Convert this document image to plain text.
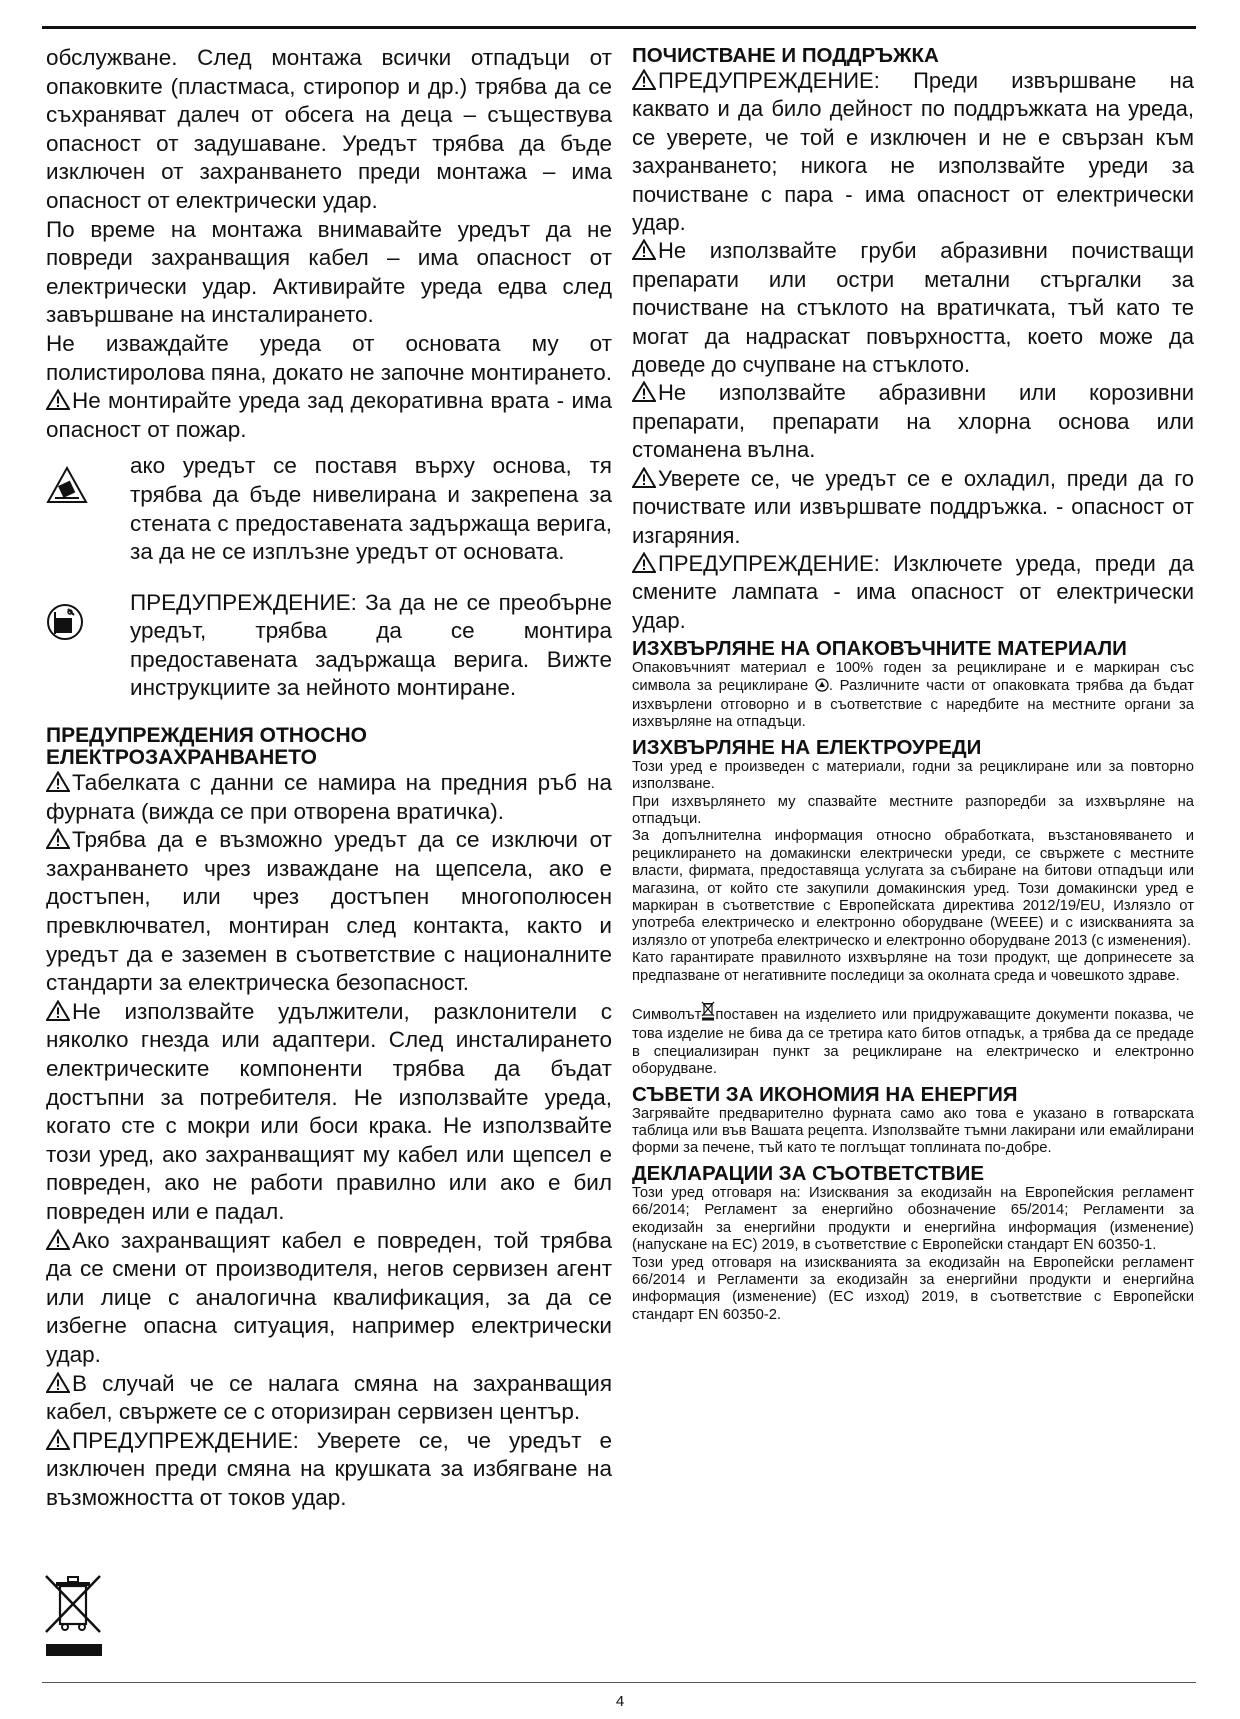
обслужване. След монтажа всички отпадъци от опаковките (пластмаса, стиропор и др.) трябва да се съхраняват далеч от обсега на деца – съществува опасност от задушаване. Уредът трябва да бъде изключен от захранването преди монтажа – има опасност от електрически удар.

По време на монтажа внимавайте уредът да не повреди захранващия кабел – има опасност от електрически удар. Активирайте уреда едва след завършване на инсталирането.

Не изваждайте уреда от основата му от полистиролова пяна, докато не започне монтирането.

Не монтирайте уреда зад декоративна врата - има опасност от пожар.

ако уредът се поставя върху основа, тя трябва да бъде нивелирана и закрепена за стената с предоставената задържаща верига, за да не се изплъзне уредът от основата.

ПРЕДУПРЕЖДЕНИЕ: За да не се преобърне уредът, трябва да се монтира предоставената задържаща верига. Вижте инструкциите за нейното монтиране.

ПРЕДУПРЕЖДЕНИЯ ОТНОСНО ЕЛЕКТРОЗАХРАНВАНЕТО

Табелката с данни се намира на предния ръб на фурната (вижда се при отворена вратичка).

Трябва да е възможно уредът да се изключи от захранването чрез изваждане на щепсела, ако е достъпен, или чрез достъпен многополюсен превключвател, монтиран след контакта, както и уредът да е заземен в съответствие с националните стандарти за електрическа безопасност.

Не използвайте удължители, разклонители с няколко гнезда или адаптери. След инсталирането електрическите компоненти трябва да бъдат достъпни за потребителя. Не използвайте уреда, когато сте с мокри или боси крака. Не използвайте този уред, ако захранващият му кабел или щепсел е повреден, ако не работи правилно или ако е бил повреден или е падал.

Ако захранващият кабел е повреден, той трябва да се смени от производителя, негов сервизен агент или лице с аналогична квалификация, за да се избегне опасна ситуация, например електрически удар.

В случай че се налага смяна на захранващия кабел, свържете се с оторизиран сервизен център.

ПРЕДУПРЕЖДЕНИЕ: Уверете се, че уредът е изключен преди смяна на крушката за избягване на възможността от токов удар.

ПОЧИСТВАНЕ И ПОДДРЪЖКА

ПРЕДУПРЕЖДЕНИЕ: Преди извършване на каквато и да било дейност по поддръжката на уреда, се уверете, че той е изключен и не е свързан към захранването; никога не използвайте уреди за почистване с пара - има опасност от електрически удар.

Не използвайте груби абразивни почистващи препарати или остри метални стъргалки за почистване на стъклото на вратичката, тъй като те могат да надраскат повърхността, което може да доведе до счупване на стъклото.

Не използвайте абразивни или корозивни препарати, препарати на хлорна основа или стоманена вълна.

Уверете се, че уредът се е охладил, преди да го почиствате или извършвате поддръжка. - опасност от изгаряния.

ПРЕДУПРЕЖДЕНИЕ: Изключете уреда, преди да смените лампата - има опасност от електрически удар.

ИЗХВЪРЛЯНЕ НА ОПАКОВЪЧНИТЕ МАТЕРИАЛИ

Опаковъчният материал е 100% годен за рециклиране и е маркиран със символа за рециклиране . Различните части от опаковката трябва да бъдат изхвърлени отговорно и в съответствие с наредбите на местните органи за изхвърляне на отпадъци.

ИЗХВЪРЛЯНЕ НА ЕЛЕКТРОУРЕДИ

Този уред е произведен с материали, годни за рециклиране или за повторно използване.

При изхвърлянето му спазвайте местните разпоредби за изхвърляне на отпадъци.

За допълнителна информация относно обработката, възстановяването и рециклирането на домакински електрически уреди, се свържете с местните власти, фирмата, предоставяща услугата за събиране на битови отпадъци или магазина, от който сте закупили домакинския уред. Този домакински уред е маркиран в съответствие с Европейската директива 2012/19/EU, Излязло от употреба електрическо и електронно оборудване (WEEE) и с изискванията за излязло от употреба електрическо и електронно оборудване 2013 (с изменения).

Като гарантирате правилното изхвърляне на този продукт, ще допринесете за предпазване от негативните последици за околната среда и човешкото здраве.

Символът поставен на изделието или придружаващите документи показва, че това изделие не бива да се третира като битов отпадък, а трябва да се предаде в специализиран пункт за рециклиране на електрическо и електронно оборудване.

СЪВЕТИ ЗА ИКОНОМИЯ НА ЕНЕРГИЯ

Загрявайте предварително фурната само ако това е указано в готварската таблица или във Вашата рецепта. Използвайте тъмни лакирани или емайлирани форми за печене, тъй като те поглъщат топлината по-добре.

ДЕКЛАРАЦИИ ЗА СЪОТВЕТСТВИЕ

Този уред отговаря на: Изисквания за екодизайн на Европейския регламент 66/2014; Регламент за енергийно обозначение 65/2014; Регламенти за екодизайн за енергийни продукти и енергийна информация (изменение) (напускане на ЕС) 2019, в съответствие с Европейски стандарт EN 60350-1.

Този уред отговаря на изискванията за екодизайн на Европейски регламент 66/2014 и Регламенти за екодизайн за енергийни продукти и енергийна информация (изменение) (ЕС изход) 2019, в съответствие с Европейски стандарт EN 60350-2.

4
